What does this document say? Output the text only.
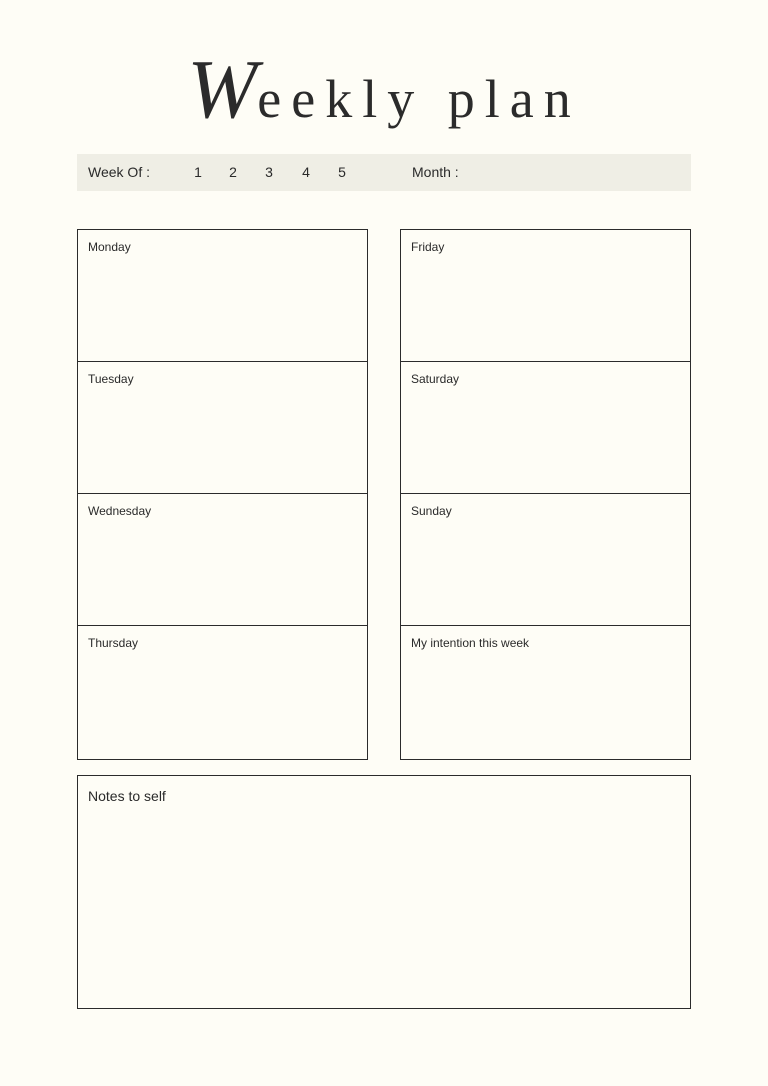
Weekly plan
Week Of :	1	2	3	4	5	Month :
Monday
Tuesday
Wednesday
Thursday
Friday
Saturday
Sunday
My intention this week
Notes to self
